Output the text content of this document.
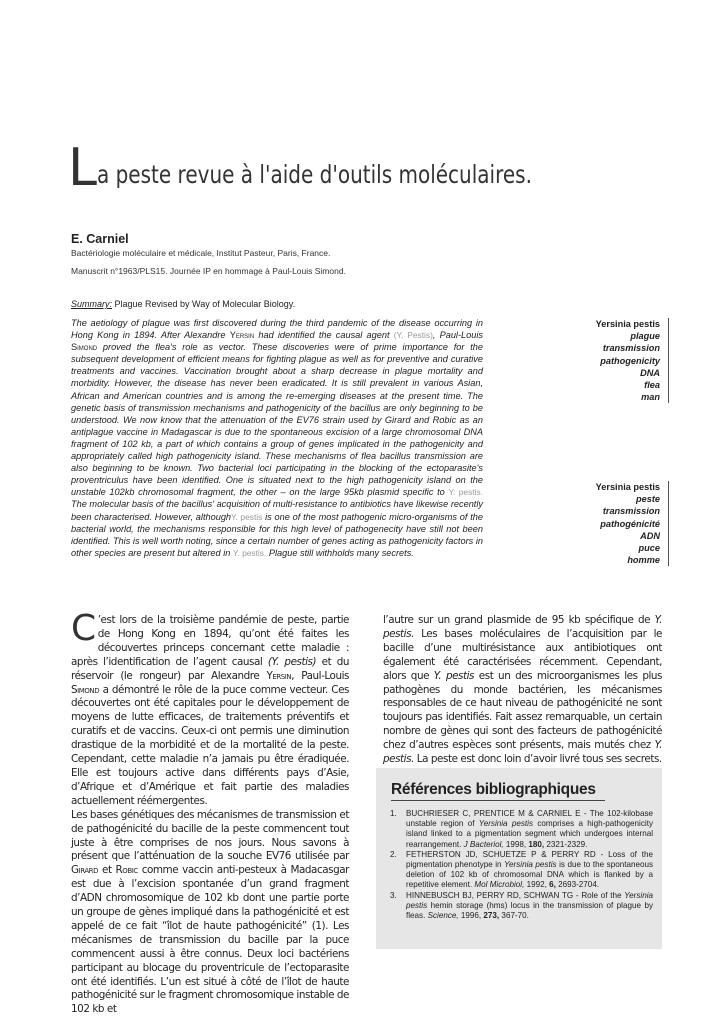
La peste revue à l'aide d'outils moléculaires.
E. Carniel
Bactériologie moléculaire et médicale, Institut Pasteur, Paris, France.
Manuscrit n°1963/PLS15. Journée IP en hommage à Paul-Louis Simond.
Summary: Plague Revised by Way of Molecular Biology.
The aetiology of plague was first discovered during the third pandemic of the disease occurring in Hong Kong in 1894. After Alexandre Yersin had identified the causal agent (Y. Pestis), Paul-Louis Simond proved the flea's role as vector. These discoveries were of prime importance for the subsequent development of efficient means for fighting plague as well as for preventive and curative treatments and vaccines. Vaccination brought about a sharp decrease in plague mortality and morbidity. However, the disease has never been eradicated. It is still prevalent in various Asian, African and American countries and is among the re-emerging diseases at the present time. The genetic basis of transmission mechanisms and pathogenicity of the bacillus are only beginning to be understood. We now know that the attenuation of the EV76 strain used by Girard and Robic as an antiplague vaccine in Madagascar is due to the spontaneous excision of a large chromosomal DNA fragment of 102 kb, a part of which contains a group of genes implicated in the pathogenicity and appropriately called high pathogenicity island. These mechanisms of flea bacillus transmission are also beginning to be known. Two bacterial loci participating in the blocking of the ectoparasite's proventriculus have been identified. One is situated next to the high pathogenicity island on the unstable 102kb chromosomal fragment, the other – on the large 95kb plasmid specific to Y. pestis. The molecular basis of the bacillus' acquisition of multi-resistance to antibiotics have likewise recently been characterised. However, althoughY. pestis is one of the most pathogenic micro-organisms of the bacterial world, the mechanisms responsible for this high level of pathogenecity have still not been identified. This is well worth noting, since a certain number of genes acting as pathogenicity factors in other species are present but altered in Y. pestis. Plague still withholds many secrets.
Yersinia pestis
plague
transmission
pathogenicity
DNA
flea
man
Yersinia pestis
peste
transmission
pathogénicité
ADN
puce
homme

C ’est lors de la troisième pandémie de peste, partie de Hong Kong en 1894, qu’ont été faites les découvertes princeps concernant cette maladie : après l’identification de l’agent causal (Y. pestis) et du réservoir (le rongeur) par Alexandre Yersin, Paul-Louis Simond a démontré le rôle de la puce comme vecteur. Ces découvertes ont été capitales pour le développement de moyens de lutte efficaces, de traitements préventifs et curatifs et de vaccins. Ceux-ci ont permis une diminution drastique de la morbidité et de la mortalité de la peste. Cependant, cette maladie n’a jamais pu être éradiquée. Elle est toujours active dans différents pays d’Asie, d’Afrique et d’Amérique et fait partie des maladies actuellement réémergentes.

Les bases génétiques des mécanismes de transmission et de pathogénicité du bacille de la peste commencent tout juste à être comprises de nos jours. Nous savons à présent que l’atténuation de la souche EV76 utilisée par Girard et Robic comme vaccin anti-pesteux à Madacasgar est due à l’excision spontanée d’un grand fragment d’ADN chromosomique de 102 kb dont une partie porte un groupe de gènes impliqué dans la pathogénicité et est appelé de ce fait “îlot de haute pathogénicité” (1). Les mécanismes de transmission du bacille par la puce commencent aussi à être connus. Deux loci bactériens participant au blocage du proventricule de l’ectoparasite ont été identifiés. L’un est situé à côté de l’îlot de haute pathogénicité sur le fragment chromosomique instable de 102 kb et

l’autre sur un grand plasmide de 95 kb spécifique de Y. pestis. Les bases moléculaires de l’acquisition par le bacille d’une multirésistance aux antibiotiques ont également été caractérisées récemment. Cependant, alors que Y. pestis est un des microorganismes les plus pathogènes du monde bactérien, les mécanismes responsables de ce haut niveau de pathogénicité ne sont toujours pas identifiés. Fait assez remarquable, un certain nombre de gènes qui sont des facteurs de pathogénicité chez d’autres espèces sont présents, mais mutés chez Y. pestis. La peste est donc loin d’avoir livré tous ses secrets.

Références bibliographiques
1. BUCHRIESER C, PRENTICE M & CARNIEL E - The 102-kilobase unstable region of Yersinia pestis comprises a high-pathogenicity island linked to a pigmentation segment which undergoes internal rearrangement. J Bacteriol, 1998, 180, 2321-2329.
2. FETHERSTON JD, SCHUETZE P & PERRY RD - Loss of the pigmentation phenotype in Yersinia pestis is due to the spontaneous deletion of 102 kb of chromosomal DNA which is flanked by a repetitive element. Mol Microbiol, 1992, 6, 2693-2704.
3. HINNEBUSCH BJ, PERRY RD, SCHWAN TG - Role of the Yersinia pestis hemin storage (hms) locus in the transmission of plague by fleas. Science, 1996, 273, 367-70.
